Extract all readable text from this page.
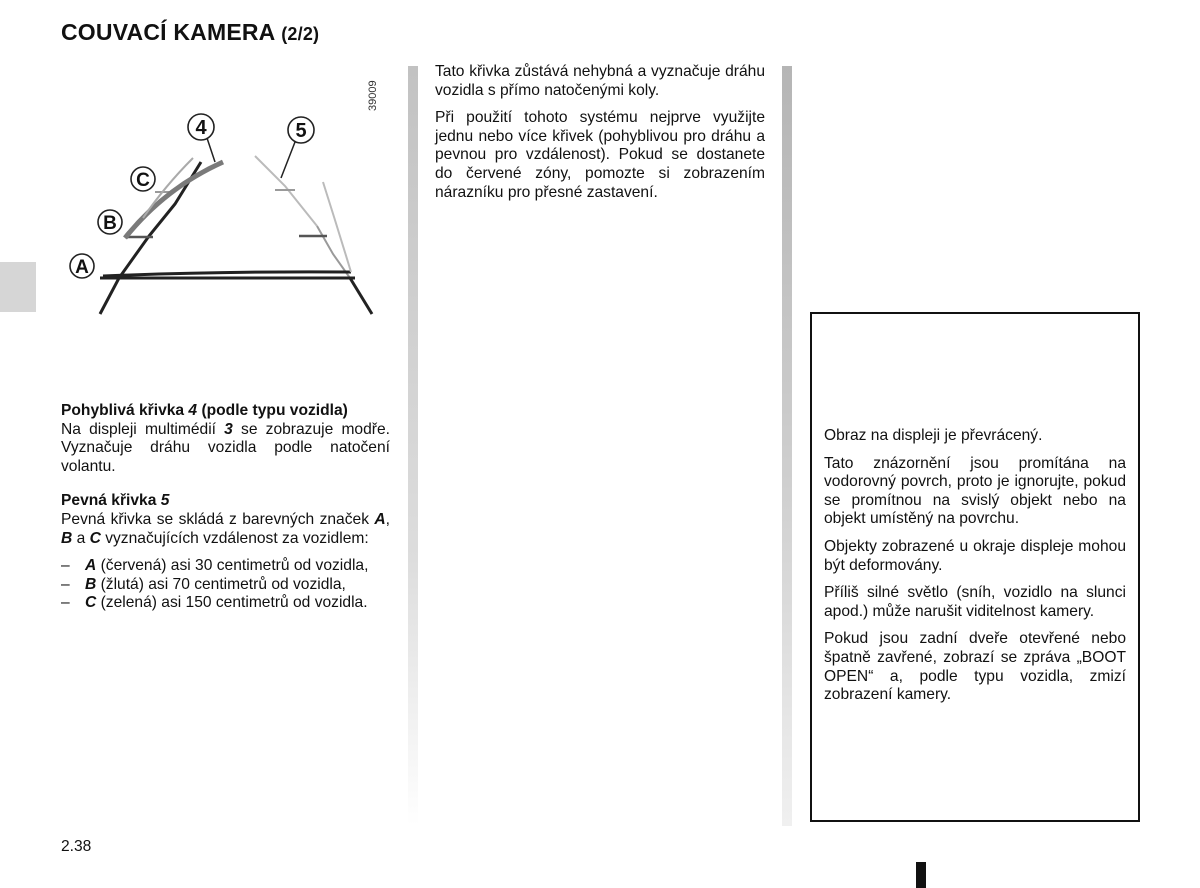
COUVACÍ KAMERA (2/2)
4	5
C
B
A
39009

Pohyblivá křivka 4 (podle typu vozidla)
Na displeji multimédií 3 se zobrazuje modře. Vyznačuje dráhu vozidla podle natočení volantu.

Pevná křivka 5
Pevná křivka se skládá z barevných značek A, B a C vyznačujících vzdálenost za vozidlem:

– A (červená) asi 30 centimetrů od vozidla,
– B (žlutá) asi 70 centimetrů od vozidla,
– C (zelená) asi 150 centimetrů od vozidla.

Tato křivka zůstává nehybná a vyznačuje dráhu vozidla s přímo natočenými koly.

Při použití tohoto systému nejprve využijte jednu nebo více křivek (pohyblivou pro dráhu a pevnou pro vzdálenost). Pokud se dostanete do červené zóny, pomozte si zobrazením nárazníku pro přesné zastavení.

Obraz na displeji je převrácený.

Tato znázornění jsou promítána na vodorovný povrch, proto je ignorujte, pokud se promítnou na svislý objekt nebo na objekt umístěný na povrchu.

Objekty zobrazené u okraje displeje mohou být deformovány.

Příliš silné světlo (sníh, vozidlo na slunci apod.) může narušit viditelnost kamery.

Pokud jsou zadní dveře otevřené nebo špatně zavřené, zobrazí se zpráva „BOOT OPEN“ a, podle typu vozidla, zmizí zobrazení kamery.

2.38
